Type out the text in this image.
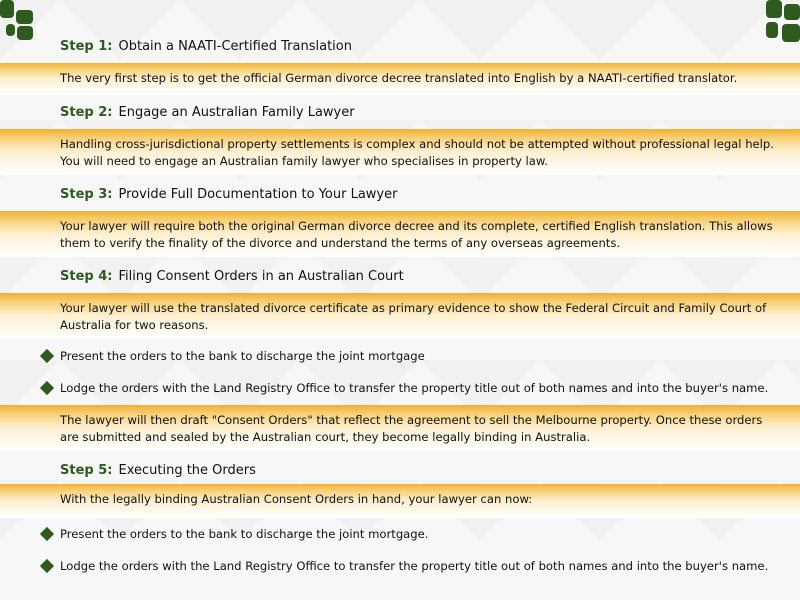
Step 1: Obtain a NAATI-Certified Translation
The very first step is to get the official German divorce decree translated into English by a NAATI-certified translator.
Step 2: Engage an Australian Family Lawyer
Handling cross-jurisdictional property settlements is complex and should not be attempted without professional legal help. You will need to engage an Australian family lawyer who specialises in property law.
Step 3: Provide Full Documentation to Your Lawyer
Your lawyer will require both the original German divorce decree and its complete, certified English translation. This allows them to verify the finality of the divorce and understand the terms of any overseas agreements.
Step 4: Filing Consent Orders in an Australian Court
Your lawyer will use the translated divorce certificate as primary evidence to show the Federal Circuit and Family Court of Australia for two reasons.
Present the orders to the bank to discharge the joint mortgage
Lodge the orders with the Land Registry Office to transfer the property title out of both names and into the buyer's name.
The lawyer will then draft "Consent Orders" that reflect the agreement to sell the Melbourne property. Once these orders are submitted and sealed by the Australian court, they become legally binding in Australia.
Step 5: Executing the Orders
With the legally binding Australian Consent Orders in hand, your lawyer can now:
Present the orders to the bank to discharge the joint mortgage.
Lodge the orders with the Land Registry Office to transfer the property title out of both names and into the buyer's name.
